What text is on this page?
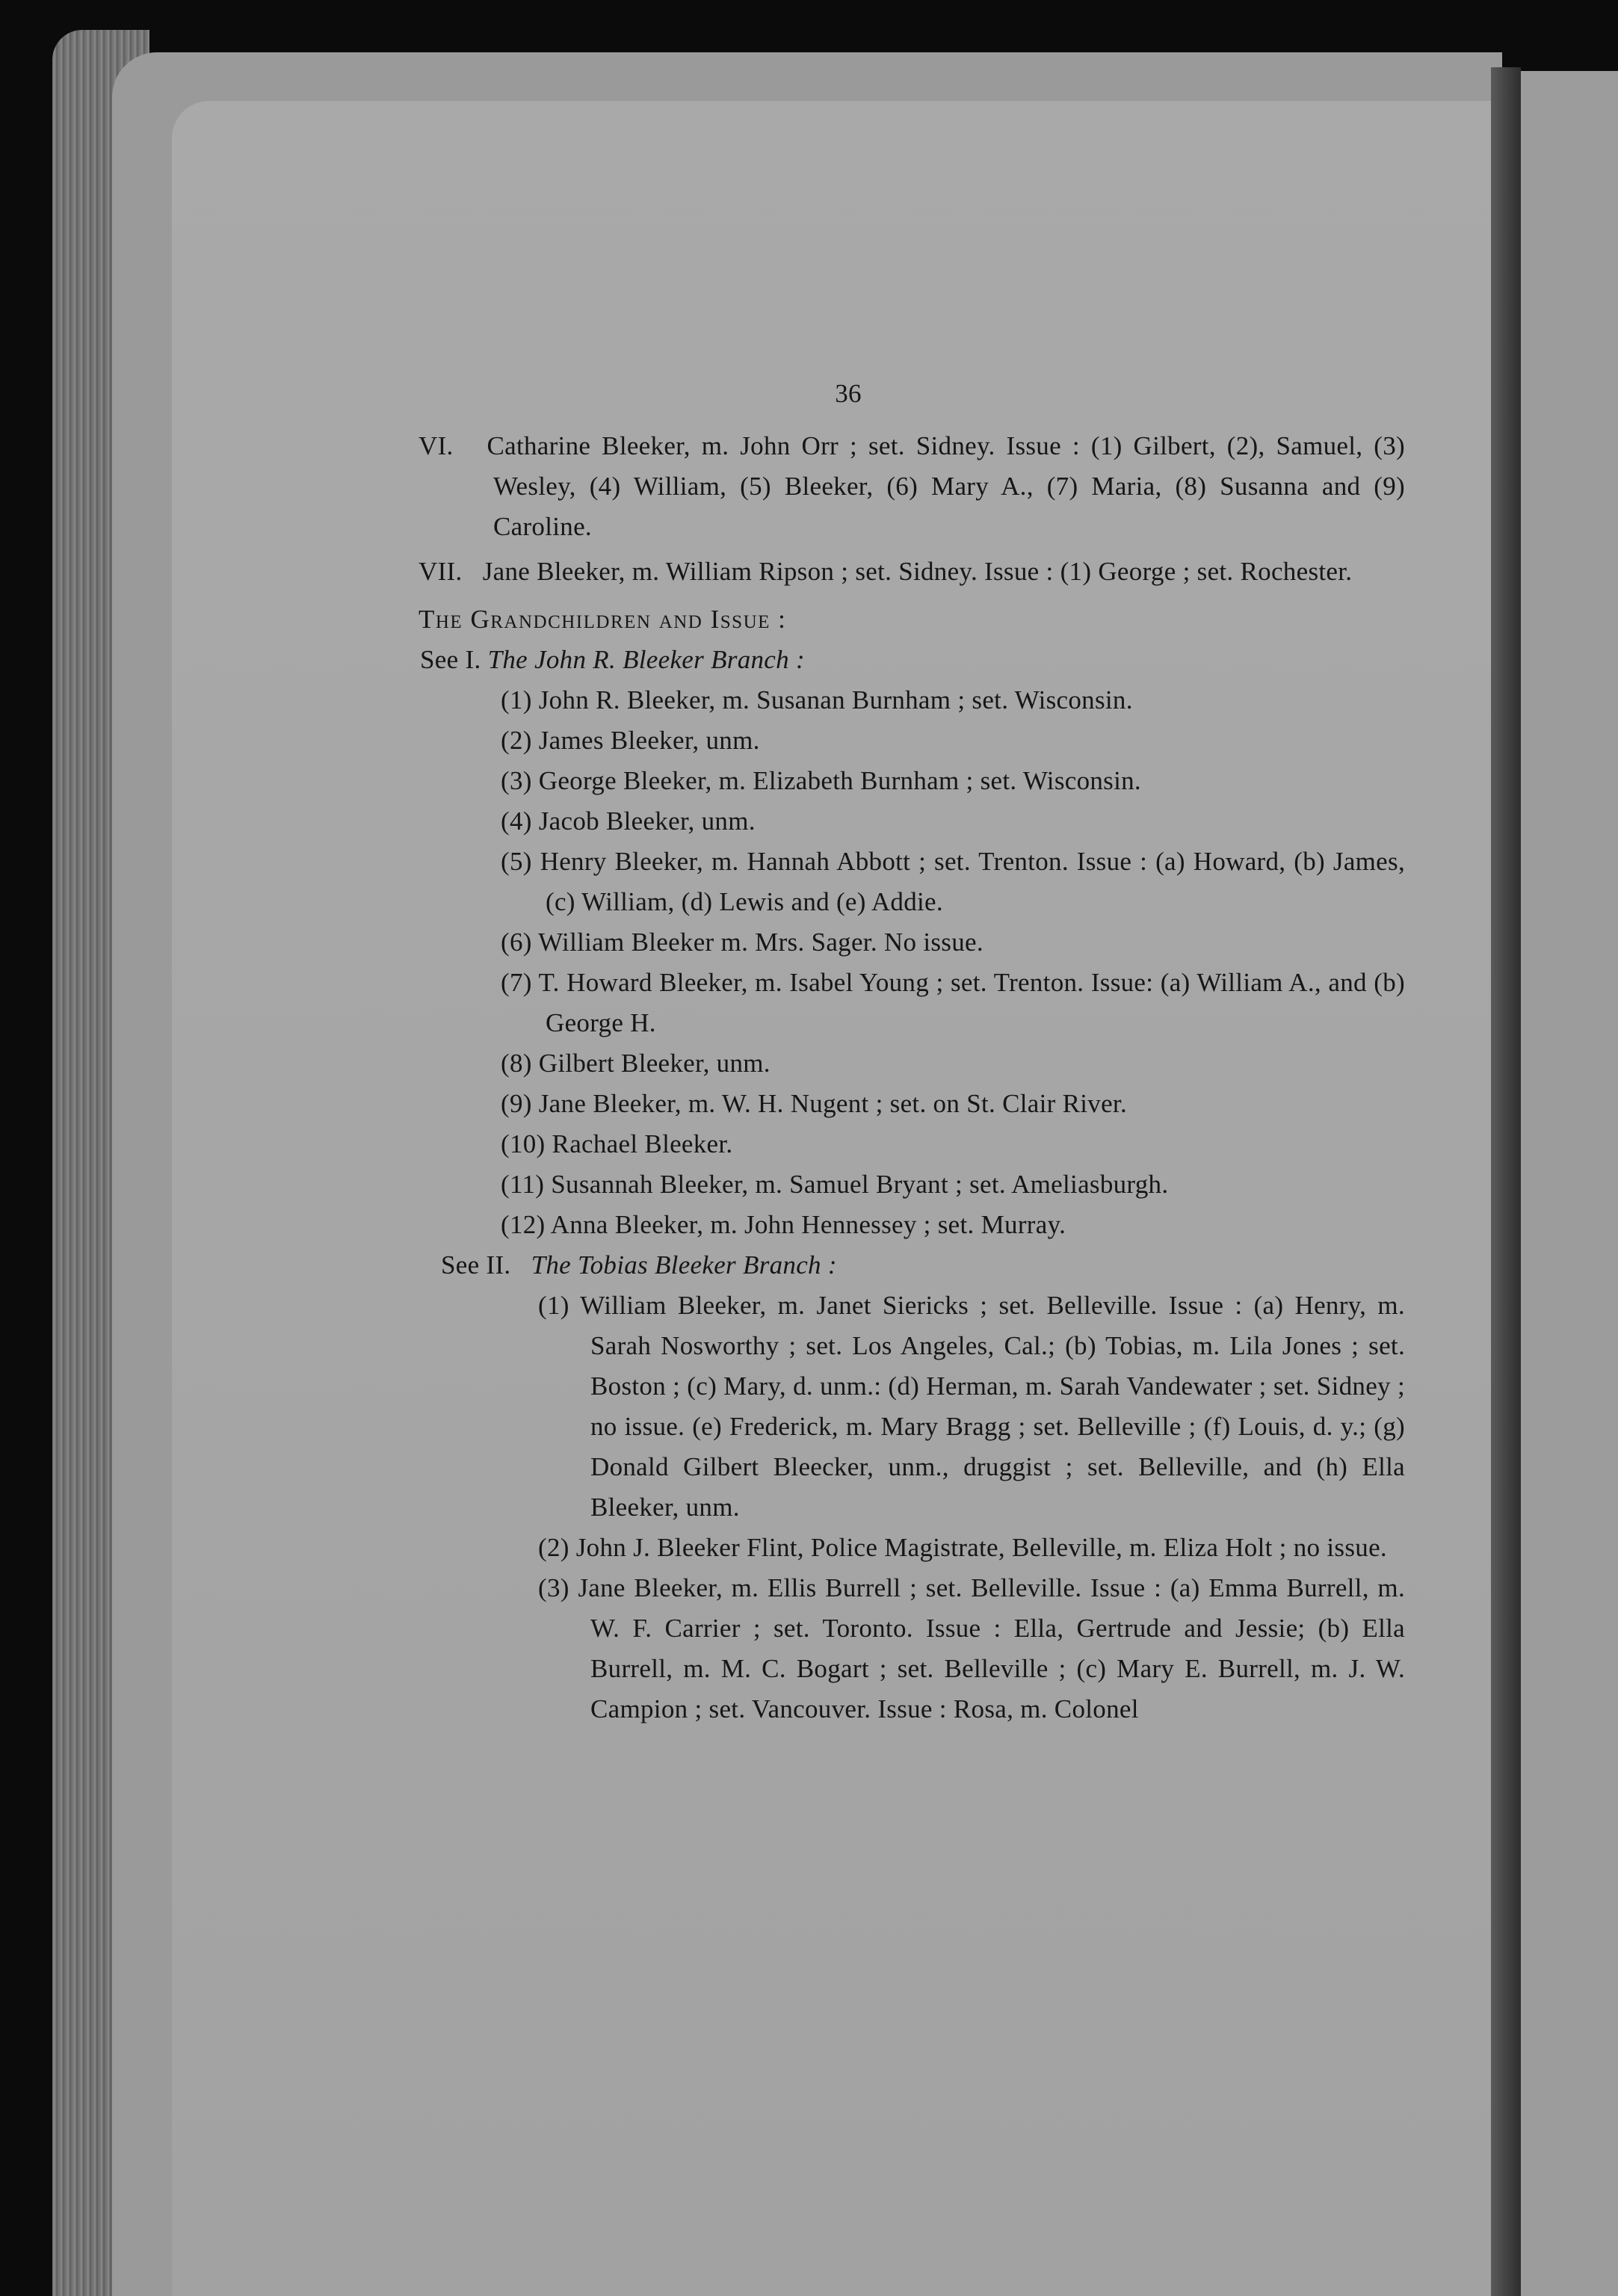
36
VI. Catharine Bleeker, m. John Orr ; set. Sidney. Issue : (1) Gilbert, (2), Samuel, (3) Wesley, (4) William, (5) Bleeker, (6) Mary A., (7) Maria, (8) Susanna and (9) Caroline.
VII. Jane Bleeker, m. William Ripson ; set. Sidney. Issue : (1) George ; set. Rochester.
The Grandchildren and Issue :
See I. The John R. Bleeker Branch :
(1) John R. Bleeker, m. Susanan Burnham ; set. Wisconsin.
(2) James Bleeker, unm.
(3) George Bleeker, m. Elizabeth Burnham ; set. Wisconsin.
(4) Jacob Bleeker, unm.
(5) Henry Bleeker, m. Hannah Abbott ; set. Trenton. Issue : (a) Howard, (b) James, (c) William, (d) Lewis and (e) Addie.
(6) William Bleeker m. Mrs. Sager. No issue.
(7) T. Howard Bleeker, m. Isabel Young ; set. Trenton. Issue: (a) William A., and (b) George H.
(8) Gilbert Bleeker, unm.
(9) Jane Bleeker, m. W. H. Nugent ; set. on St. Clair River.
(10) Rachael Bleeker.
(11) Susannah Bleeker, m. Samuel Bryant ; set. Ameliasburgh.
(12) Anna Bleeker, m. John Hennessey ; set. Murray.
See II. The Tobias Bleeker Branch :
(1) William Bleeker, m. Janet Siericks ; set. Belleville. Issue : (a) Henry, m. Sarah Nosworthy ; set. Los Angeles, Cal.; (b) Tobias, m. Lila Jones ; set. Boston ; (c) Mary, d. unm.: (d) Herman, m. Sarah Vandewater ; set. Sidney ; no issue. (e) Frederick, m. Mary Bragg ; set. Belleville ; (f) Louis, d. y.; (g) Donald Gilbert Bleecker, unm., druggist ; set. Belleville, and (h) Ella Bleeker, unm.
(2) John J. Bleeker Flint, Police Magistrate, Belleville, m. Eliza Holt ; no issue.
(3) Jane Bleeker, m. Ellis Burrell ; set. Belleville. Issue : (a) Emma Burrell, m. W. F. Carrier ; set. Toronto. Issue : Ella, Gertrude and Jessie; (b) Ella Burrell, m. M. C. Bogart ; set. Belleville ; (c) Mary E. Burrell, m. J. W. Campion ; set. Vancouver. Issue : Rosa, m. Colonel
